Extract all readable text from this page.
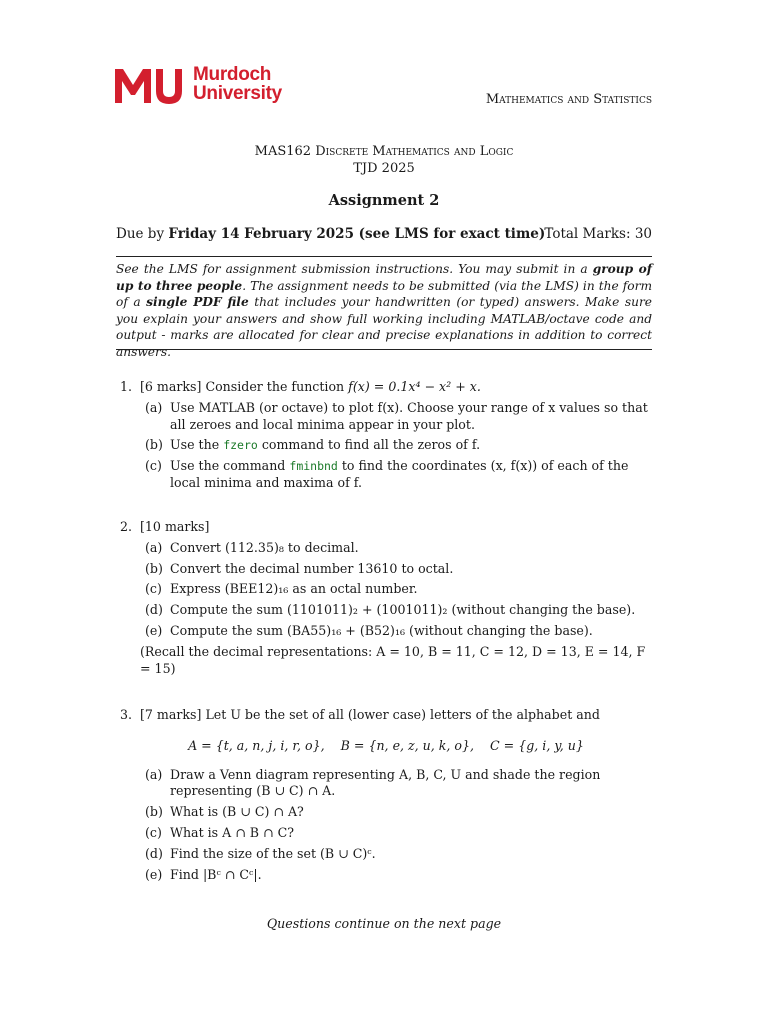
Murdoch
University	Mathematics and Statistics
MAS162 Discrete Mathematics and Logic
TJD 2025
Assignment 2
Due by Friday 14 February 2025 (see LMS for exact time) Total Marks: 30
See the LMS for assignment submission instructions. You may submit in a group of up to three people. The assignment needs to be submitted (via the LMS) in the form of a single PDF file that includes your handwritten (or typed) answers. Make sure you explain your answers and show full working including MATLAB/octave code and output - marks are allocated for clear and precise explanations in addition to correct answers.
1. [6 marks] Consider the function f(x) = 0.1x⁴ − x² + x.
(a) Use MATLAB (or octave) to plot f(x). Choose your range of x values so that all zeroes and local minima appear in your plot.
(b) Use the fzero command to find all the zeros of f.
(c) Use the command fminbnd to find the coordinates (x, f(x)) of each of the local minima and maxima of f.
2. [10 marks]
(a) Convert (112.35)₈ to decimal.
(b) Convert the decimal number 13610 to octal.
(c) Express (BEE12)₁₆ as an octal number.
(d) Compute the sum (1101011)₂ + (1001011)₂ (without changing the base).
(e) Compute the sum (BA55)₁₆ + (B52)₁₆ (without changing the base).
(Recall the decimal representations: A = 10, B = 11, C = 12, D = 13, E = 14, F = 15)
3. [7 marks] Let U be the set of all (lower case) letters of the alphabet and
A = {t, a, n, j, i, r, o},    B = {n, e, z, u, k, o},    C = {g, i, y, u}
(a) Draw a Venn diagram representing A, B, C, U and shade the region representing (B ∪ C) ∩ A.
(b) What is (B ∪ C) ∩ A?
(c) What is A ∩ B ∩ C?
(d) Find the size of the set (B ∪ C)ᶜ.
(e) Find |Bᶜ ∩ Cᶜ|.
Questions continue on the next page
